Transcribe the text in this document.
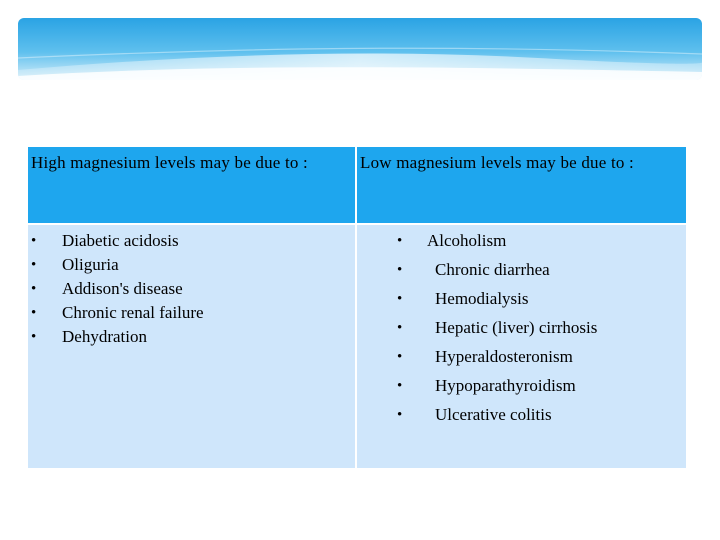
High magnesium levels may be due to :	Low magnesium levels may be due to :
• Diabetic acidosis
• Oliguria
• Addison's disease
• Chronic renal failure
• Dehydration
• Alcoholism
• Chronic diarrhea
• Hemodialysis
• Hepatic (liver) cirrhosis
• Hyperaldosteronism
• Hypoparathyroidism
• Ulcerative colitis
